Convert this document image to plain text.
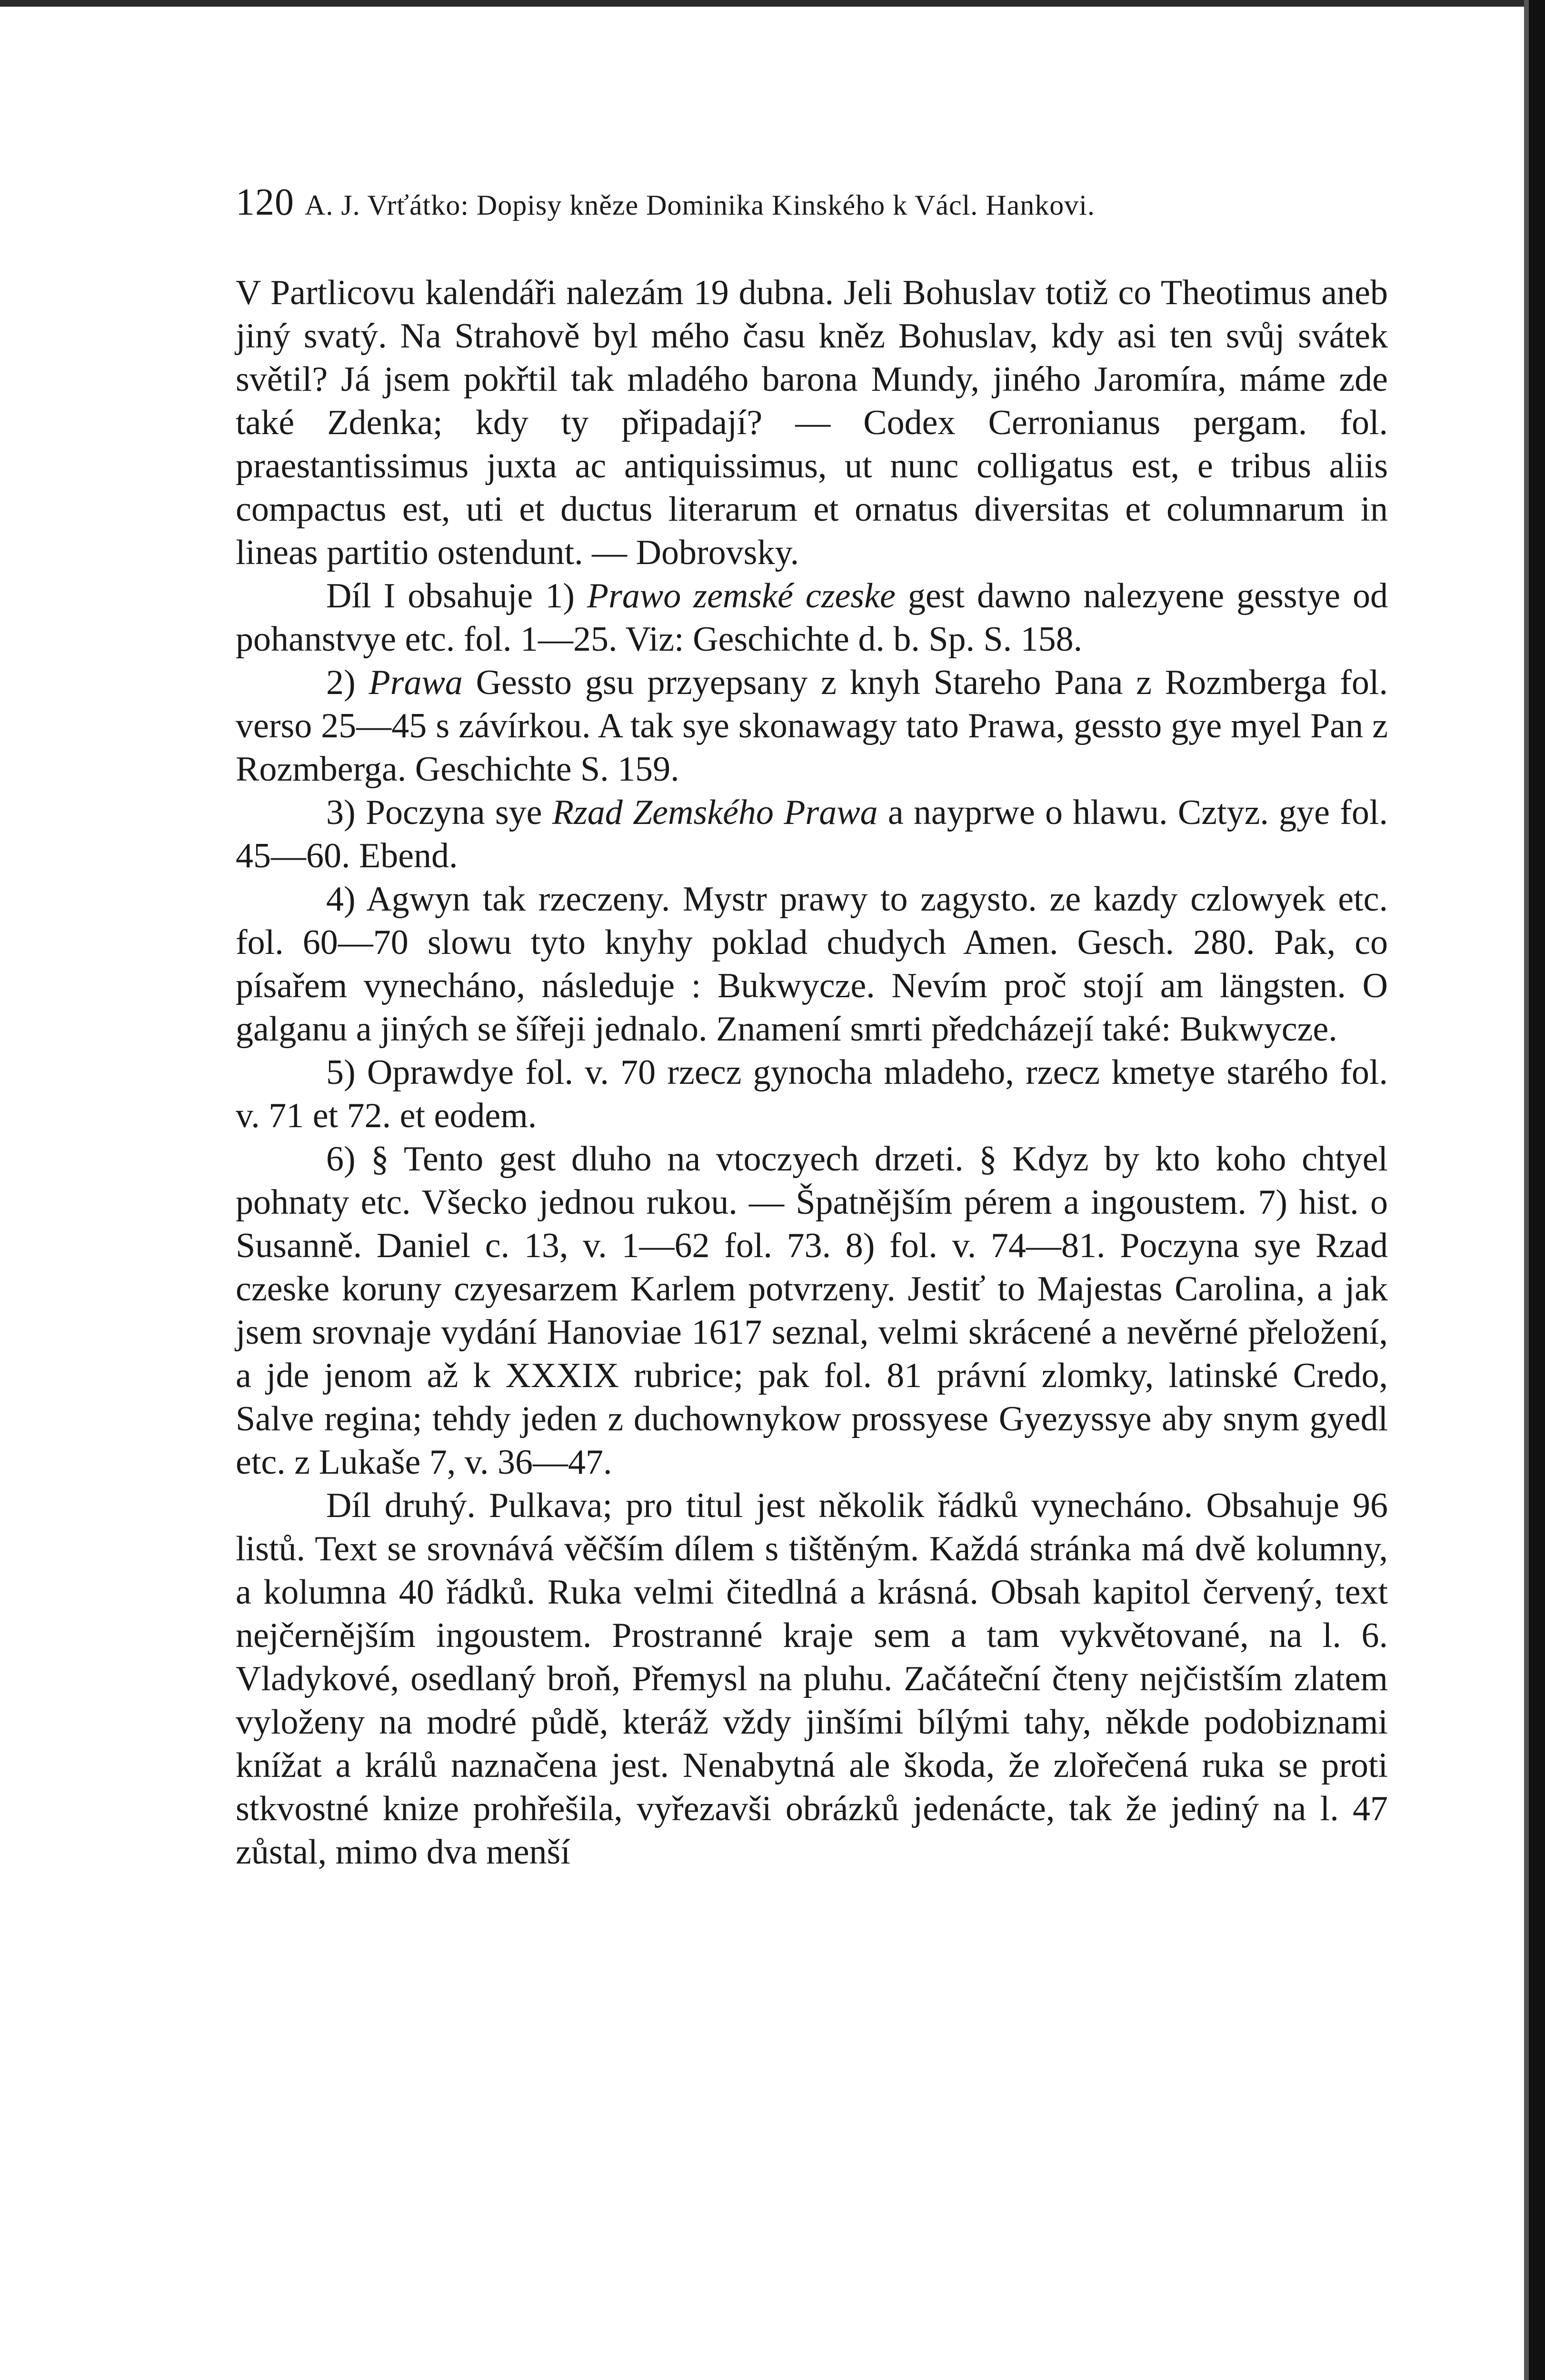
120 A. J. Vrťátko: Dopisy kněze Dominika Kinského k Václ. Hankovi.

V Partlicovu kalendáři nalezám 19 dubna. Jeli Bohuslav totiž co Theotimus aneb jiný svatý. Na Strahově byl mého času kněz Bohuslav, kdy asi ten svůj svátek světil? Já jsem pokřtil tak mladého barona Mundy, jiného Jaromíra, máme zde také Zdenka; kdy ty připadají? — Codex Cerronianus pergam. fol. praestantissimus juxta ac antiquissimus, ut nunc colligatus est, e tribus aliis compactus est, uti et ductus literarum et ornatus diversitas et columnarum in lineas partitio ostendunt. — Dobrovsky.

Díl I obsahuje 1) Prawo zemské czeske gest dawno nalezyene gesstye od pohanstvye etc. fol. 1—25. Viz: Geschichte d. b. Sp. S. 158.

2) Prawa Gessto gsu przyepsany z knyh Stareho Pana z Rozmberga fol. verso 25—45 s závírkou. A tak sye skonawagy tato Prawa, gessto gye myel Pan z Rozmberga. Geschichte S. 159.

3) Poczyna sye Rzad Zemského Prawa a nayprwe o hlawu. Cztyz. gye fol. 45—60. Ebend.

4) Agwyn tak rzeczeny. Mystr prawy to zagysto. ze kazdy czlowyek etc. fol. 60—70 slowu tyto knyhy poklad chudych Amen. Gesch. 280. Pak, co písařem vynecháno, následuje : Bukwycze. Nevím proč stojí am längsten. O galganu a jiných se šířeji jednalo. Znamení smrti předcházejí také: Bukwycze.

5) Oprawdye fol. v. 70 rzecz gynocha mladeho, rzecz kmetye starého fol. v. 71 et 72. et eodem.

6) § Tento gest dluho na vtoczyech drzeti. § Kdyz by kto koho chtyel pohnaty etc. Všecko jednou rukou. — Špatnějším pérem a ingoustem. 7) hist. o Susanně. Daniel c. 13, v. 1—62 fol. 73. 8) fol. v. 74—81. Poczyna sye Rzad czeske koruny czyesarzem Karlem potvrzeny. Jestiť to Majestas Carolina, a jak jsem srovnaje vydání Hanoviae 1617 seznal, velmi skrácené a nevěrné přeložení, a jde jenom až k XXXIX rubrice; pak fol. 81 právní zlomky, latinské Credo, Salve regina; tehdy jeden z duchownykow prossyese Gyezyssye aby snym gyedl etc. z Lukaše 7, v. 36—47.

Díl druhý. Pulkava; pro titul jest několik řádků vynecháno. Obsahuje 96 listů. Text se srovnává věčším dílem s tištěným. Každá stránka má dvě kolumny, a kolumna 40 řádků. Ruka velmi čitedlná a krásná. Obsah kapitol červený, text nejčernějším ingoustem. Prostranné kraje sem a tam vykvětované, na l. 6. Vladykové, osedlaný broň, Přemysl na pluhu. Začáteční čteny nejčistším zlatem vyloženy na modré půdě, kteráž vždy jinšími bílými tahy, někde podobiznami knížat a králů naznačena jest. Nenabytná ale škoda, že zlořečená ruka se proti stkvostné knize prohřešila, vyřezavši obrázků jedenácte, tak že jediný na l. 47 zůstal, mimo dva menší
